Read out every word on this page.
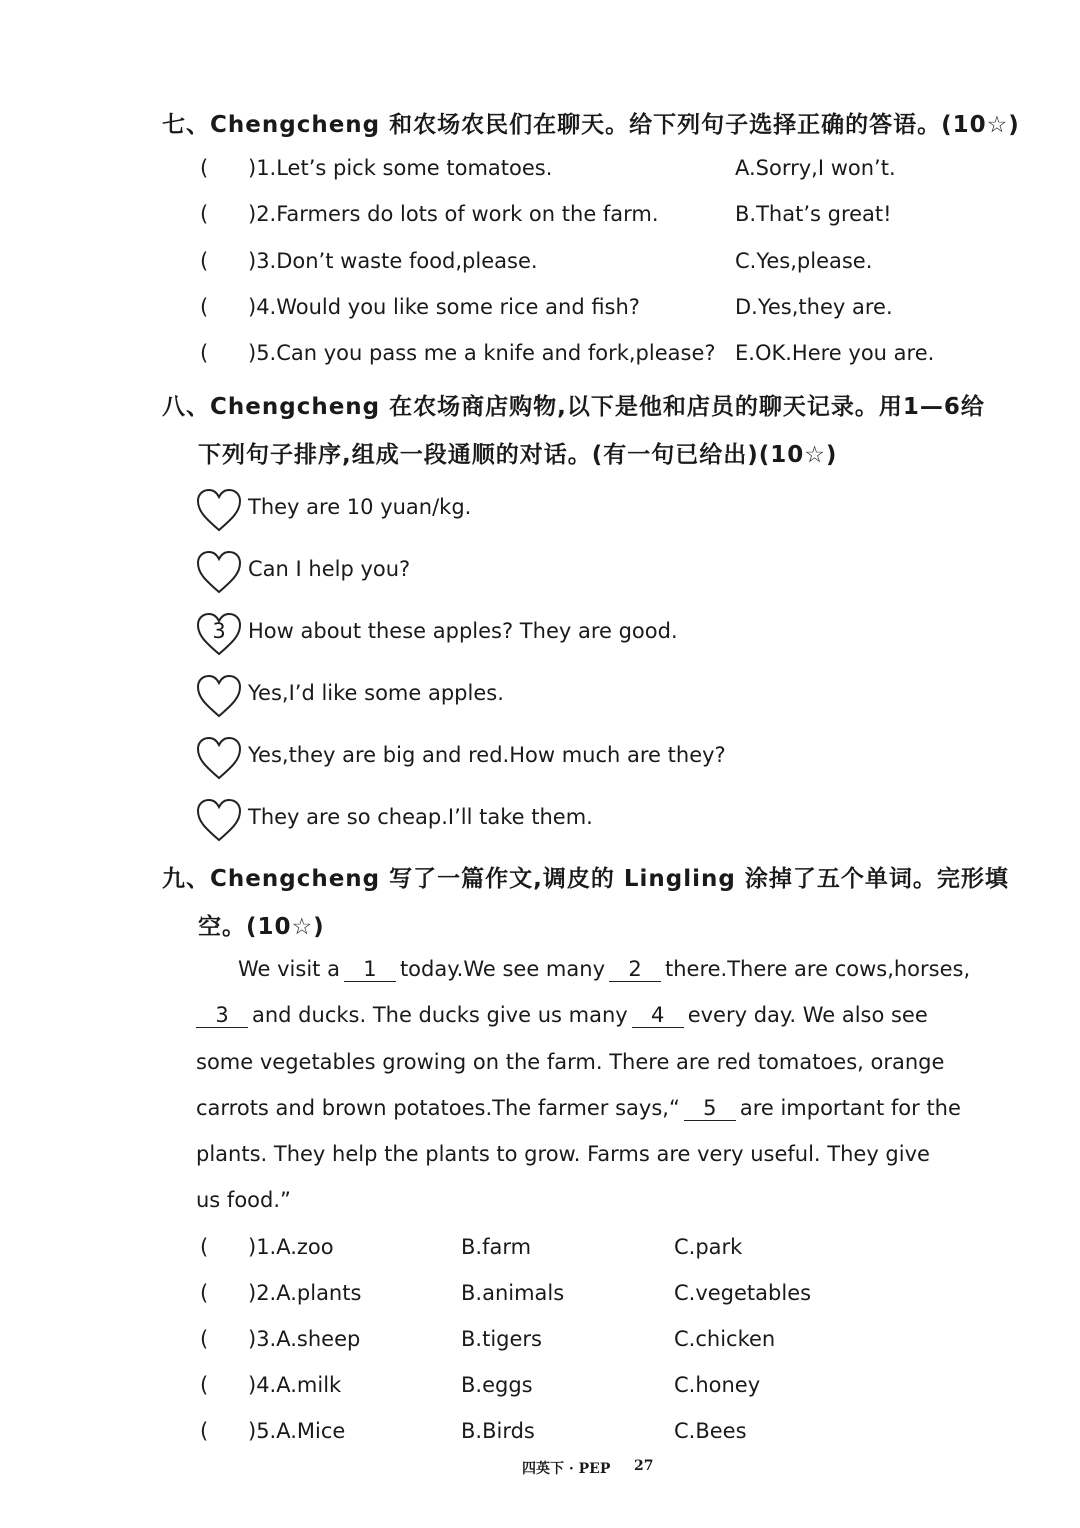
七、Chengcheng 和农场农民们在聊天。给下列句子选择正确的答语。(10☆)
( )1.Let’s pick some tomatoes.	A.Sorry,I won’t.
( )2.Farmers do lots of work on the farm.	B.That’s great!
( )3.Don’t waste food,please.	C.Yes,please.
( )4.Would you like some rice and fish?	D.Yes,they are.
( )5.Can you pass me a knife and fork,please? E.OK.Here you are.
八、Chengcheng 在农场商店购物,以下是他和店员的聊天记录。用1—6给
下列句子排序,组成一段通顺的对话。(有一句已给出)(10☆)
They are 10 yuan/kg.
Can I help you?
3	How about these apples? They are good.
Yes,I’d like some apples.
Yes,they are big and red.How much are they?
They are so cheap.I’ll take them.
九、Chengcheng 写了一篇作文,调皮的 Lingling 涂掉了五个单词。完形填
空。(10☆)
We visit a 1 today.We see many 2 there.There are cows,horses,
3 and ducks. The ducks give us many 4 every day. We also see
some vegetables growing on the farm. There are red tomatoes, orange
carrots and brown potatoes.The farmer says,“ 5 are important for the
plants. They help the plants to grow. Farms are very useful. They give
us food.”
( )1.A.zoo	B.farm	C.park
( )2.A.plants	B.animals	C.vegetables
( )3.A.sheep	B.tigers	C.chicken
( )4.A.milk	B.eggs	C.honey
( )5.A.Mice	B.Birds	C.Bees
四英下 · PEP 27
